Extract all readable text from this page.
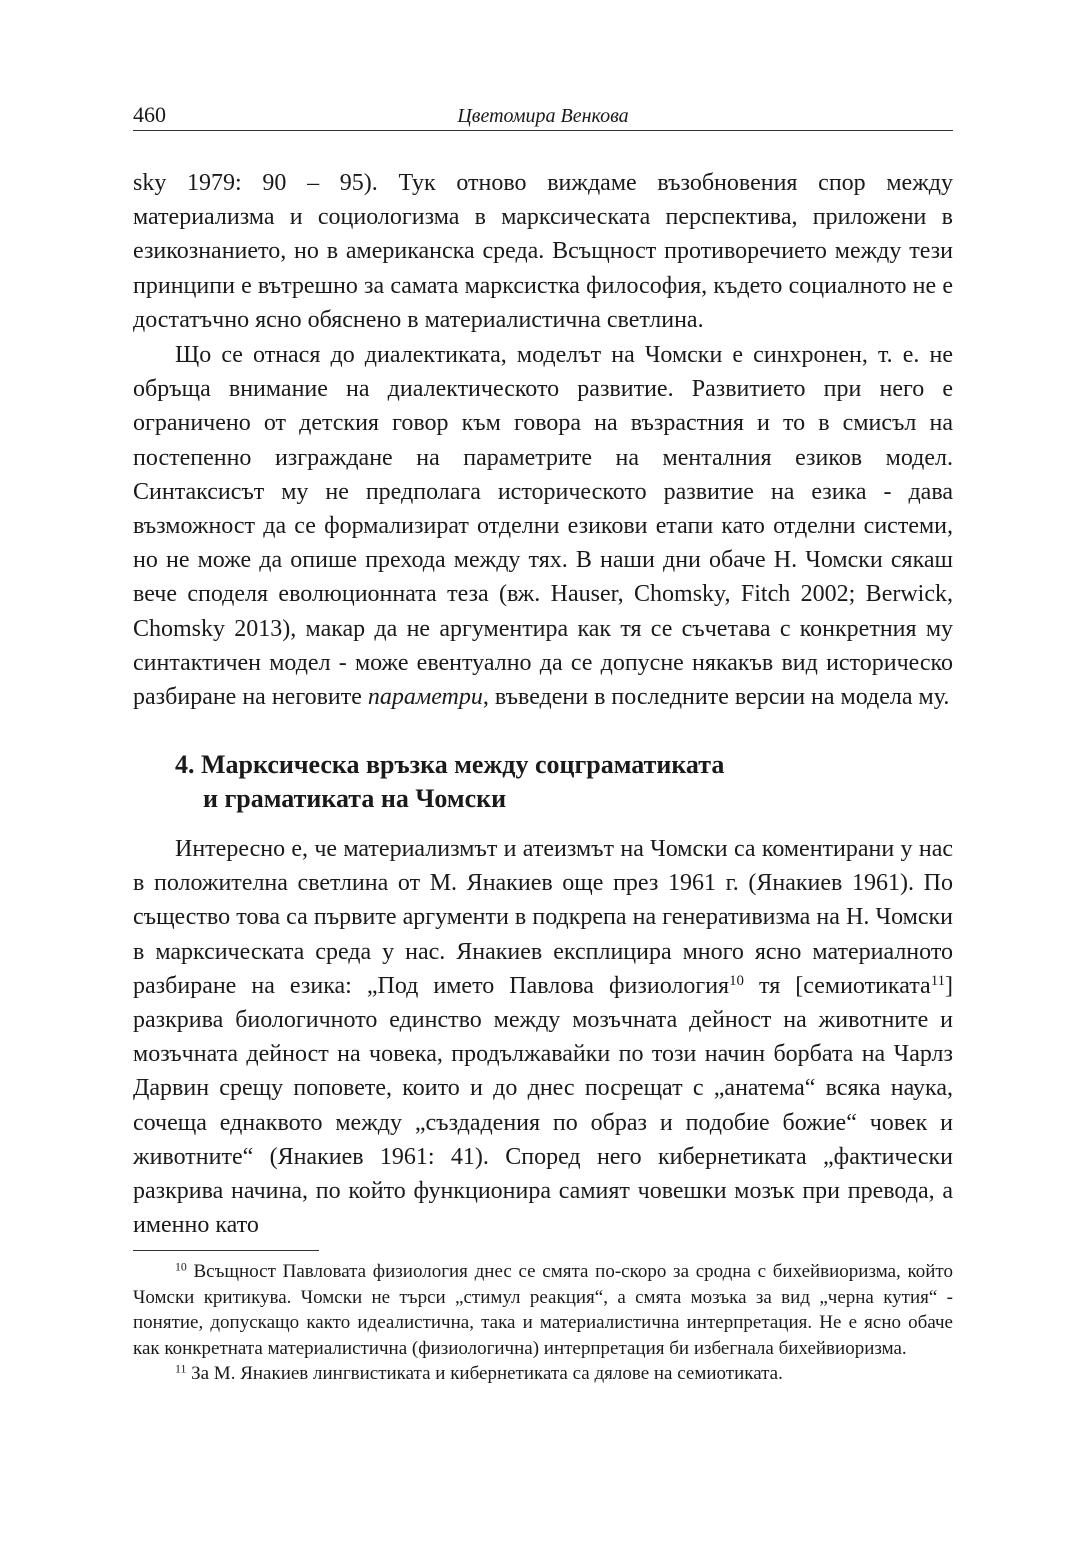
460	Цветомира Венкова

sky 1979: 90 – 95). Тук отново виждаме възобновения спор между материализма и социологизма в марксическата перспектива, приложени в езикознанието, но в американска среда. Всъщност противоречието между тези принципи е вътрешно за самата марксистка философия, където социалното не е достатъчно ясно обяснено в материалистична светлина.

Що се отнася до диалектиката, моделът на Чомски е синхронен, т. е. не обръща внимание на диалектическото развитие. Развитието при него е ограничено от детския говор към говора на възрастния и то в смисъл на постепенно изграждане на параметрите на менталния езиков модел. Синтаксисът му не предполага историческото развитие на езика ‑ дава възможност да се формализират отделни езикови етапи като отделни системи, но не може да опише прехода между тях. В наши дни обаче Н. Чомски сякаш вече споделя еволюционната теза (вж. Hauser, Chomsky, Fitch 2002; Berwick, Chomsky 2013), макар да не аргументира как тя се съчетава с конкретния му синтактичен модел ‑ може евентуално да се допусне някакъв вид историческо разбиране на неговите параметри, въведени в последните версии на модела му.

4. Марксическа връзка между соцграматиката
и граматиката на Чомски

Интересно е, че материализмът и атеизмът на Чомски са коментирани у нас в положителна светлина от М. Янакиев още през 1961 г. (Янакиев 1961). По същество това са първите аргументи в подкрепа на генеративизма на Н. Чомски в марксическата среда у нас. Янакиев експлицира много ясно материалното разбиране на езика: „Под името Павлова физиология$^{10}$ тя [семиотиката$^{11}$] разкрива биологичното единство между мозъчната дейност на животните и мозъчната дейност на човека, продължавайки по този начин борбата на Чарлз Дарвин срещу поповете, които и до днес посрещат с „анатема“ всяка наука, сочеща еднаквото между „създадения по образ и подобие божие“ човек и животните“ (Янакиев 1961: 41). Според него кибернетиката „фактически разкрива начина, по който функционира самият човешки мозък при превода, а именно като

$^{10}$ Всъщност Павловата физиология днес се смята по-скоро за сродна с бихейвиоризма, който Чомски критикува. Чомски не търси „стимул реакция“, а смята мозъка за вид „черна кутия“ ‑ понятие, допускащо както идеалистична, така и материалистична интерпретация. Не е ясно обаче как конкретната материалистична (физиологична) интерпретация би избегнала бихейвиоризма.

$^{11}$ За М. Янакиев лингвистиката и кибернетиката са дялове на семиотиката.
